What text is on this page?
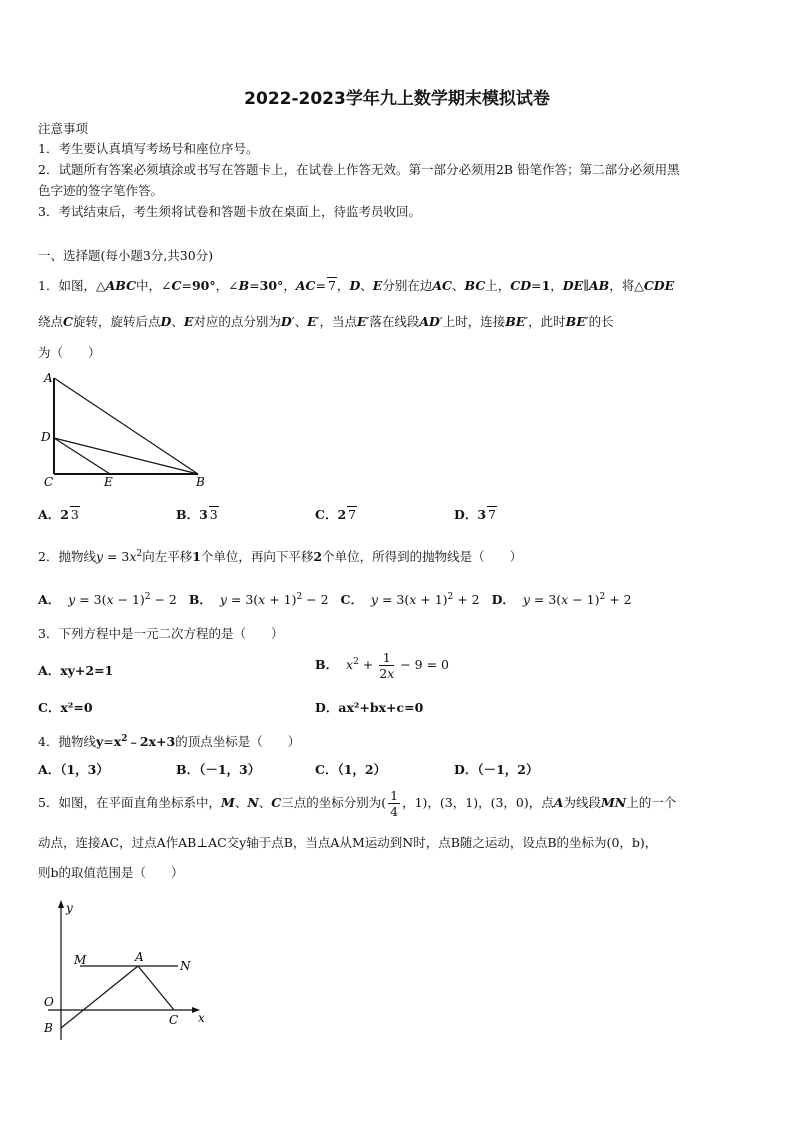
2022-2023学年九上数学期末模拟试卷
注意事项
1．考生要认真填写考场号和座位序号。
2．试题所有答案必须填涂或书写在答题卡上，在试卷上作答无效。第一部分必须用2B 铅笔作答；第二部分必须用黑
色字迹的签字笔作答。
3．考试结束后，考生须将试卷和答题卡放在桌面上，待监考员收回。
一、选择题(每小题3分,共30分)
1．如图，△ABC中，∠C=90°，∠B=30°，AC= 7，D、E分别在边AC、BC上，CD=1，DE∥AB，将△CDE
绕点C旋转，旋转后点D、E对应的点分别为D′、E′，当点E′落在线段AD′上时，连接BE′，此时BE′的长
为（　　）
A
D
C	E	B
A．2 3	B．3 3	C．2 7	D．3 7
2．抛物线$y = 3x^2$向左平移1个单位，再向下平移2个单位，所得到的抛物线是（　　）
A． $y = 3(x - 1)^2 - 2$   B． $y = 3(x + 1)^2 - 2$   C． $y = 3(x + 1)^2 + 2$   D． $y = 3(x - 1)^2 + 2$
3．下列方程中是一元二次方程的是（　　）
A．xy+2=1	B． $x^2 + \frac{1}{2x} - 9 = 0$
C．x²=0	D．ax²+bx+c=0
4．抛物线$y=x^2﹣2x+3$的顶点坐标是（　　）
A．（1，3）	B．（－1，3）	C．（1，2）	D．（－1，2）
5．如图，在平面直角坐标系中，M、N、C三点的坐标分别为( $\frac{1}{4}$ ，1)，(3，1)，(3，0)，点A为线段MN上的一个
动点，连接AC，过点A作AB⊥AC交y轴于点B，当点A从M运动到N时，点B随之运动，设点B的坐标为(0，b)，
则b的取值范围是（　　）
y
M	A
N
O
B
C x
